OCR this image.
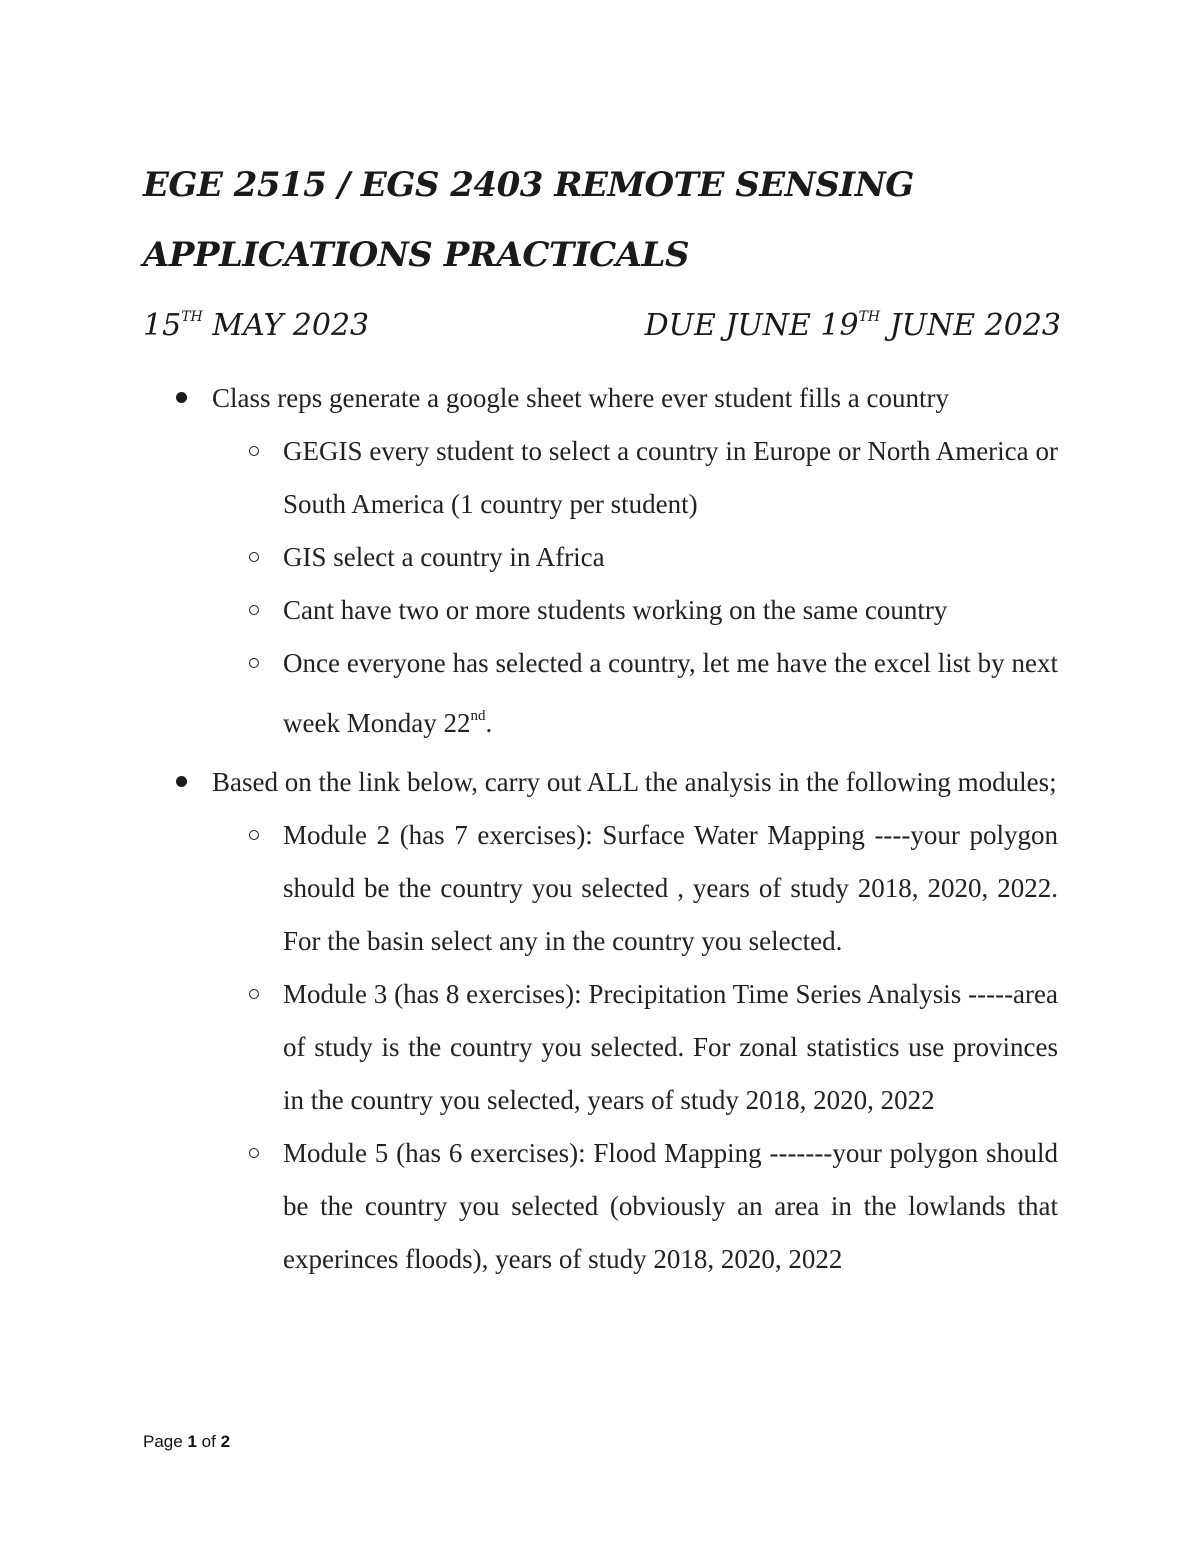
EGE 2515 / EGS 2403 REMOTE SENSING APPLICATIONS PRACTICALS
15TH MAY 2023	DUE JUNE 19TH JUNE 2023
Class reps generate a google sheet where ever student fills a country
GEGIS every student to select a country in Europe or North America or South America (1 country per student)
GIS select a country in Africa
Cant have two or more students working on the same country
Once everyone has selected a country, let me have the excel list by next week Monday 22nd.
Based on the link below, carry out ALL the analysis in the following modules;
Module 2 (has 7 exercises): Surface Water Mapping ----your polygon should be the country you selected , years of study 2018, 2020, 2022. For the basin select any in the country you selected.
Module 3 (has 8 exercises): Precipitation Time Series Analysis -----area of study is the country you selected. For zonal statistics use provinces in the country you selected, years of study 2018, 2020, 2022
Module 5 (has 6 exercises): Flood Mapping -------your polygon should be the country you selected (obviously an area in the lowlands that experinces floods), years of study 2018, 2020, 2022
Page 1 of 2
